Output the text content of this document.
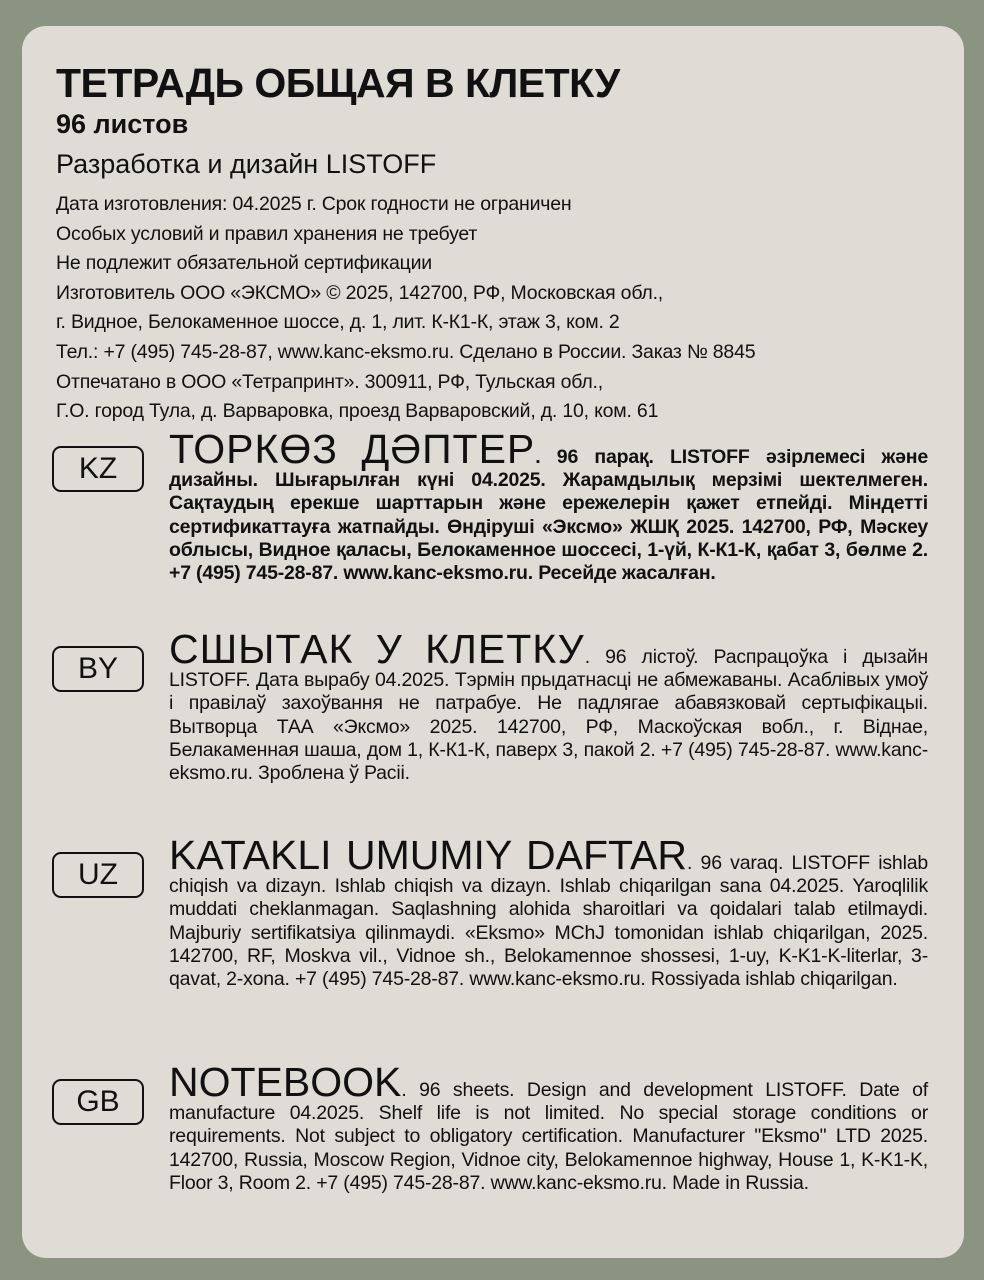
ТЕТРАДЬ ОБЩАЯ В КЛЕТКУ
96 листов
Разработка и дизайн LISTOFF
Дата изготовления: 04.2025 г. Срок годности не ограничен
Особых условий и правил хранения не требует
Не подлежит обязательной сертификации
Изготовитель ООО «ЭКСМО» © 2025, 142700, РФ, Московская обл.,
г. Видное, Белокаменное шоссе, д. 1, лит. К-К1-К, этаж 3, ком. 2
Тел.: +7 (495) 745-28-87, www.kanc-eksmo.ru. Сделано в России. Заказ № 8845
Отпечатано в ООО «Тетрапринт». 300911, РФ, Тульская обл.,
Г.О. город Тула, д. Варваровка, проезд Варваровский, д. 10, ком. 61
KZ	ТОРКӨЗ ДӘПТЕР. 96 парақ. LISTOFF әзірлемесі және дизайны. Шығарылған күні 04.2025. Жарамдылық мерзімі шектелмеген. Сақтаудың ерекше шарттарын және ережелерін қажет етпейді. Міндетті сертификаттауға жатпайды. Өндіруші «Эксмо» ЖШҚ 2025. 142700, РФ, Мәскеу облысы, Видное қаласы, Белокаменное шоссесі, 1-үй, К-К1-К, қабат 3, бөлме 2. +7 (495) 745-28-87. www.kanc-eksmo.ru. Ресейде жасалған.
BY	СШЫТАК У КЛЕТКУ. 96 лістоў. Распрацоўка і дызайн LISTOFF. Дата вырабу 04.2025. Тэрмін прыдатнасці не абмежаваны. Асаблівых умоў і правілаў захоўвання не патрабуе. Не падлягае абавязковай сертыфікацыі. Вытворца ТАА «Эксмо» 2025. 142700, РФ, Маскоўская вобл., г. Віднае, Белакаменная шаша, дом 1, К-К1-К, паверх 3, пакой 2. +7 (495) 745-28-87. www.kanc-eksmo.ru. Зроблена ў Расіі.
UZ	KATAKLI UMUMIY DAFTAR. 96 varaq. LISTOFF ishlab chiqish va dizayn. Ishlab chiqish va dizayn. Ishlab chiqarilgan sana 04.2025. Yaroqlilik muddati cheklanmagan. Saqlashning alohida sharoitlari va qoidalari talab etilmaydi. Majburiy sertifikatsiya qilinmaydi. «Eksmo» MChJ tomonidan ishlab chiqarilgan, 2025. 142700, RF, Moskva vil., Vidnoe sh., Belokamennoe shossesi, 1-uy, K-K1-K-literlar, 3-qavat, 2-xona. +7 (495) 745-28-87. www.kanc-eksmo.ru. Rossiyada ishlab chiqarilgan.
GB	NOTEBOOK. 96 sheets. Design and development LISTOFF. Date of manufacture 04.2025. Shelf life is not limited. No special storage conditions or requirements. Not subject to obligatory certification. Manufacturer "Eksmo" LTD 2025. 142700, Russia, Moscow Region, Vidnoe city, Belokamennoe highway, House 1, K-K1-K, Floor 3, Room 2. +7 (495) 745-28-87. www.kanc-eksmo.ru. Made in Russia.
